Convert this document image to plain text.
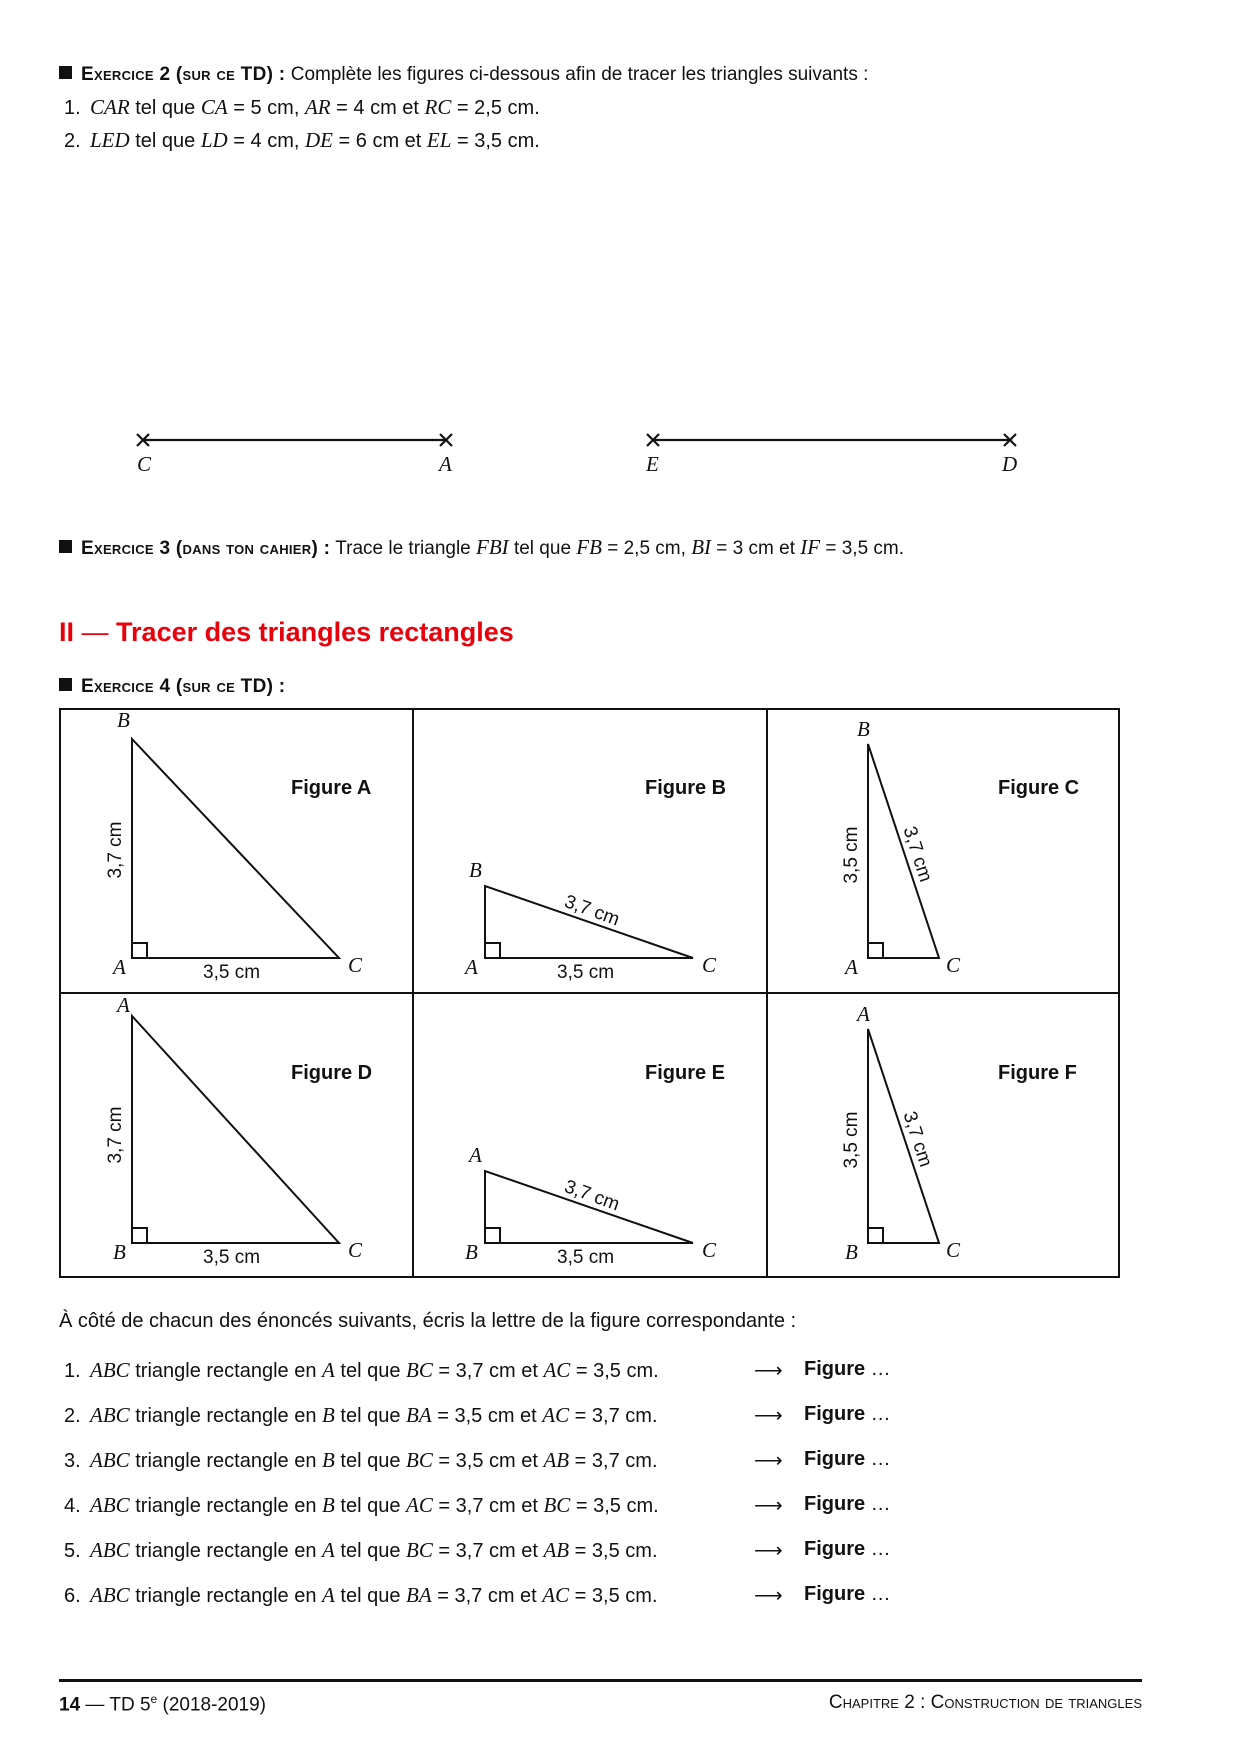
Exercice 2 (sur ce TD) : Complète les figures ci-dessous afin de tracer les triangles suivants :
1. CAR tel que CA = 5 cm, AR = 4 cm et RC = 2,5 cm.
2. LED tel que LD = 4 cm, DE = 6 cm et EL = 3,5 cm.
C	A	E	D
Exercice 3 (dans ton cahier) : Trace le triangle FBI tel que FB = 2,5 cm, BI = 3 cm et IF = 3,5 cm.
II — Tracer des triangles rectangles
Exercice 4 (sur ce TD) :
3,7 cm
3,7 cm
3,5 cm 3,7 cm
3,7 cm
3,7 cm
3,5 cm 3,7 cm
Figure A	Figure B	Figure C
Figure D	Figure E	Figure F
B
A	C
3,5 cm
B
A	C
3,5 cm
B
A	C
A
B	C
3,5 cm
A
B	C
3,5 cm
A
B	C
À côté de chacun des énoncés suivants, écris la lettre de la figure correspondante :
1. ABC triangle rectangle en A tel que BC = 3,7 cm et AC = 3,5 cm.	⟶ Figure …
2. ABC triangle rectangle en B tel que BA = 3,5 cm et AC = 3,7 cm.	⟶ Figure …
3. ABC triangle rectangle en B tel que BC = 3,5 cm et AB = 3,7 cm.	⟶ Figure …
4. ABC triangle rectangle en B tel que AC = 3,7 cm et BC = 3,5 cm.	⟶ Figure …
5. ABC triangle rectangle en A tel que BC = 3,7 cm et AB = 3,5 cm.	⟶ Figure …
6. ABC triangle rectangle en A tel que BA = 3,7 cm et AC = 3,5 cm.	⟶ Figure …
14 — TD 5e (2018-2019)	Chapitre 2 : Construction de triangles
